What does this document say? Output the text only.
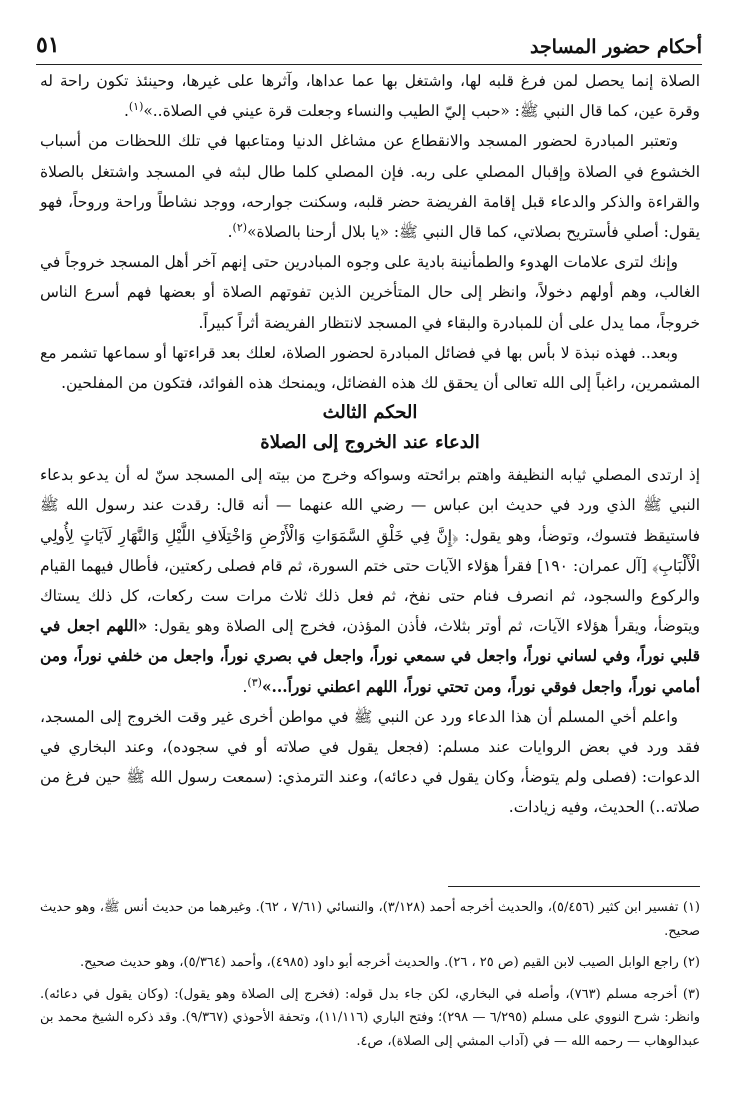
أحكام حضور المساجد
٥١

الصلاة إنما يحصل لمن فرغ قلبه لها، واشتغل بها عما عداها، وآثرها على غيرها، وحينئذ تكون راحة له وقرة عين، كما قال النبي ﷺ: «حبب إليّ الطيب والنساء وجعلت قرة عيني في الصلاة..»$^{(١)}$.

وتعتبر المبادرة لحضور المسجد والانقطاع عن مشاغل الدنيا ومتاعبها في تلك اللحظات من أسباب الخشوع في الصلاة وإقبال المصلي على ربه. فإن المصلي كلما طال لبثه في المسجد واشتغل بالصلاة والقراءة والذكر والدعاء قبل إقامة الفريضة حضر قلبه، وسكنت جوارحه، ووجد نشاطاً وراحة وروحاً، فهو يقول: أصلي فأستريح بصلاتي، كما قال النبي ﷺ: «يا بلال أرحنا بالصلاة»$^{(٢)}$.

وإنك لترى علامات الهدوء والطمأنينة بادية على وجوه المبادرين حتى إنهم آخر أهل المسجد خروجاً في الغالب، وهم أولهم دخولاً، وانظر إلى حال المتأخرين الذين تفوتهم الصلاة أو بعضها فهم أسرع الناس خروجاً، مما يدل على أن للمبادرة والبقاء في المسجد لانتظار الفريضة أثراً كبيراً.

وبعد.. فهذه نبذة لا بأس بها في فضائل المبادرة لحضور الصلاة، لعلك بعد قراءتها أو سماعها تشمر مع المشمرين، راغباً إلى الله تعالى أن يحقق لك هذه الفضائل، ويمنحك هذه الفوائد، فتكون من المفلحين.

الحكم الثالث
الدعاء عند الخروج إلى الصلاة

إذ ارتدى المصلي ثيابه النظيفة واهتم برائحته وسواكه وخرج من بيته إلى المسجد سنّ له أن يدعو بدعاء النبي ﷺ الذي ورد في حديث ابن عباس — رضي الله عنهما — أنه قال: رقدت عند رسول الله ﷺ فاستيقظ فتسوك، وتوضأ، وهو يقول: ﴿إِنَّ فِي خَلْقِ السَّمَوَاتِ وَالْأَرْضِ وَاخْتِلَافِ اللَّيْلِ وَالنَّهَارِ لَآيَاتٍ لِأُولِي الْأَلْبَابِ﴾ [آل عمران: ١٩٠] فقرأ هؤلاء الآيات حتى ختم السورة، ثم قام فصلى ركعتين، فأطال فيهما القيام والركوع والسجود، ثم انصرف فنام حتى نفخ، ثم فعل ذلك ثلاث مرات ست ركعات، كل ذلك يستاك ويتوضأ، ويقرأ هؤلاء الآيات، ثم أوتر بثلاث، فأذن المؤذن، فخرج إلى الصلاة وهو يقول: «اللهم اجعل في قلبي نوراً، وفي لساني نوراً، واجعل في سمعي نوراً، واجعل في بصري نوراً، واجعل من خلفي نوراً، ومن أمامي نوراً، واجعل فوقي نوراً، ومن تحتي نوراً، اللهم اعطني نوراً...»$^{(٣)}$.

واعلم أخي المسلم أن هذا الدعاء ورد عن النبي ﷺ في مواطن أخرى غير وقت الخروج إلى المسجد، فقد ورد في بعض الروايات عند مسلم: (فجعل يقول في صلاته أو في سجوده)، وعند البخاري في الدعوات: (فصلى ولم يتوضأ، وكان يقول في دعائه)، وعند الترمذي: (سمعت رسول الله ﷺ حين فرغ من صلاته..) الحديث، وفيه زيادات.

(١) تفسير ابن كثير (٥/٤٥٦)، والحديث أخرجه أحمد (٣/١٢٨)، والنسائي (٧/٦١ ، ٦٢). وغيرهما من حديث أنس ﷺ، وهو حديث صحيح.

(٢) راجع الوابل الصيب لابن القيم (ص ٢٥ ، ٢٦). والحديث أخرجه أبو داود (٤٩٨٥)، وأحمد (٥/٣٦٤)، وهو حديث صحيح.

(٣) أخرجه مسلم (٧٦٣)، وأصله في البخاري، لكن جاء بدل قوله: (فخرج إلى الصلاة وهو يقول): (وكان يقول في دعائه). وانظر: شرح النووي على مسلم (٦/٢٩٥ — ٢٩٨)؛ وفتح الباري (١١/١١٦)، وتحفة الأحوذي (٩/٣٦٧). وقد ذكره الشيخ محمد بن عبدالوهاب — رحمه الله — في (آداب المشي إلى الصلاة)، ص٤.
